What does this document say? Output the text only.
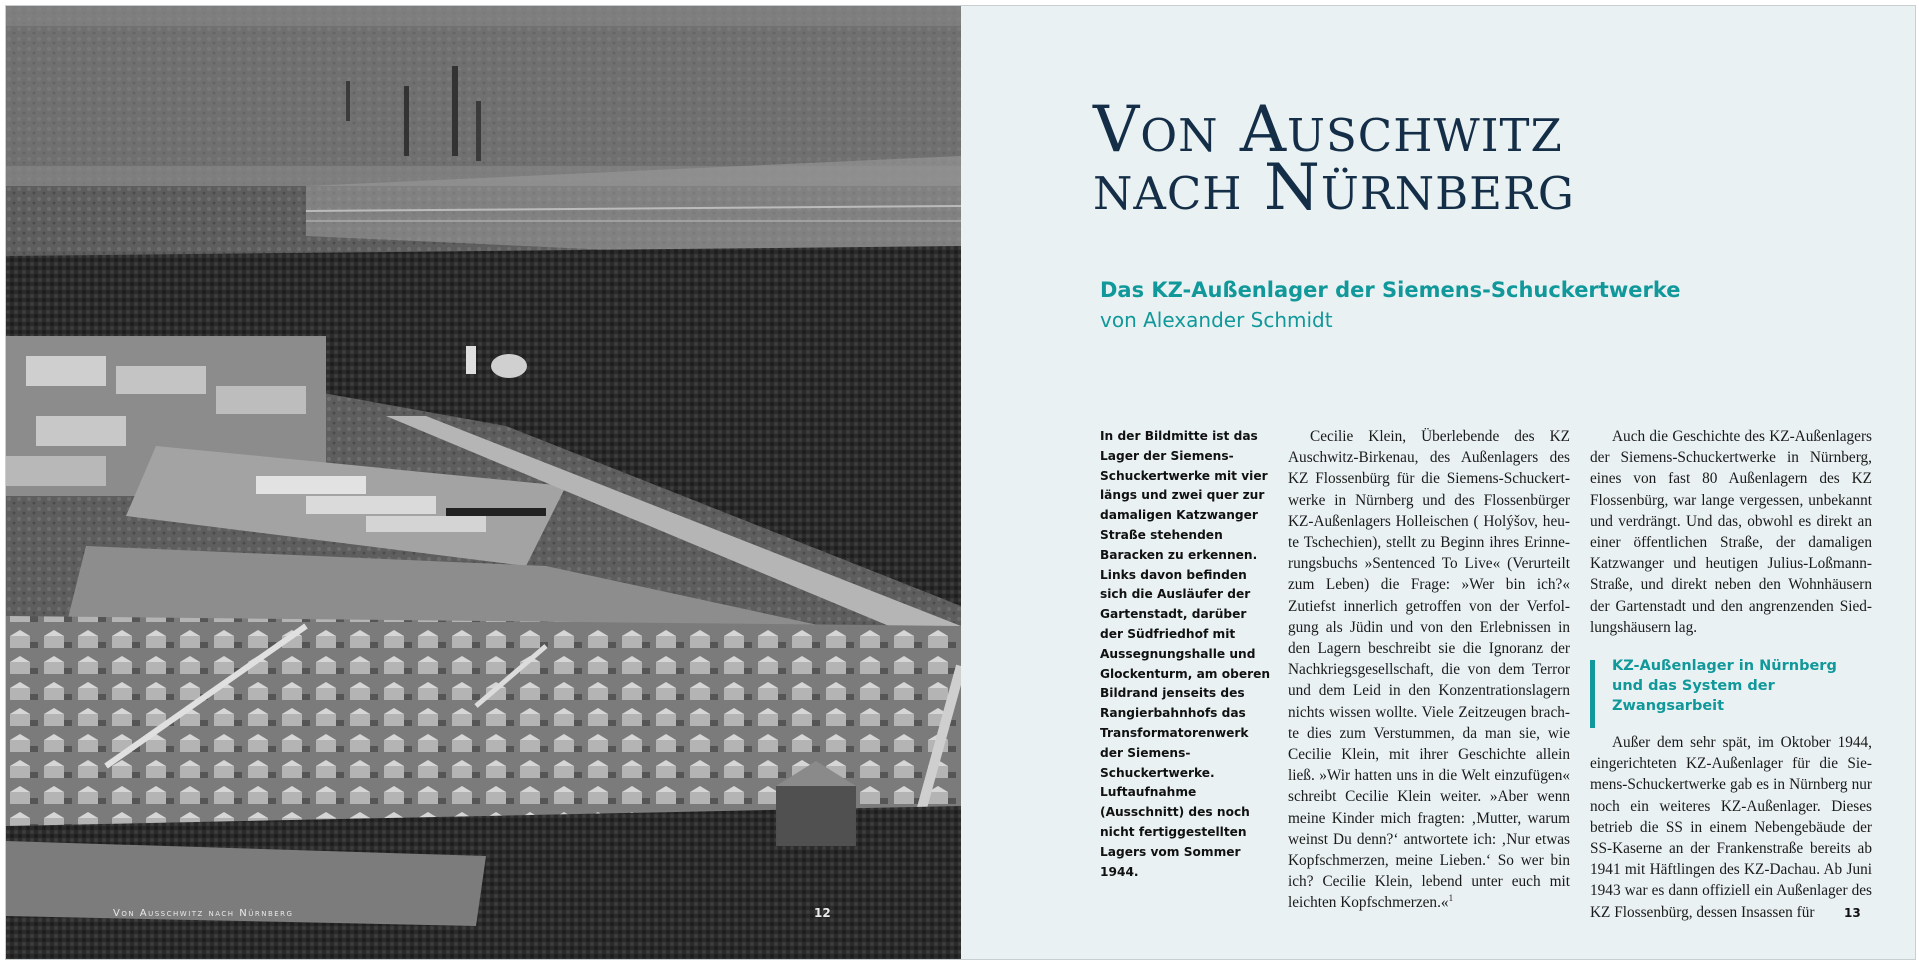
Von Ausschwitz nach Nürnberg	12
Von Auschwitz
nach Nürnberg
Das KZ-Außenlager der Siemens-Schuckertwerke
von Alexander Schmidt
In der Bildmitte ist das Lager der Siemens-Schuckertwerke mit vier längs und zwei quer zur damaligen Katzwanger Straße stehenden Baracken zu erkennen. Links davon befinden sich die Ausläufer der Gartenstadt, darüber der Südfriedhof mit Aussegnungshalle und Glockenturm, am oberen Bildrand jenseits des Rangierbahnhofs das Transformatorenwerk der Siemens-Schuckertwerke. Luftaufnahme (Ausschnitt) des noch nicht fertiggestellten Lagers vom Sommer 1944.

Cecilie Klein, Überlebende des KZ Auschwitz-Birkenau, des Außenlagers des KZ Flossenbürg für die Siemens-Schuckertwerke in Nürnberg und des Flossenbürger KZ-Außenlagers Holleischen ( Holýšov, heute Tschechien), stellt zu Beginn ihres Erinnerungsbuchs »Sentenced To Live« (Verurteilt zum Leben) die Frage: »Wer bin ich?« Zutiefst innerlich getroffen von der Verfolgung als Jüdin und von den Erlebnissen in den Lagern beschreibt sie die Ignoranz der Nachkriegsgesellschaft, die von dem Terror und dem Leid in den Konzentrationslagern nichts wissen wollte. Viele Zeitzeugen brachte dies zum Verstummen, da man sie, wie Cecilie Klein, mit ihrer Geschichte allein ließ. »Wir hatten uns in die Welt einzufügen« schreibt Cecilie Klein weiter. »Aber wenn meine Kinder mich fragten: ‚Mutter, warum weinst Du denn?‘ antwortete ich: ‚Nur etwas Kopfschmerzen, meine Lieben.‘ So wer bin ich? Cecilie Klein, lebend unter euch mit leichten Kopfschmerzen.«$^1$

Auch die Geschichte des KZ-Außenlagers der Siemens-Schuckertwerke in Nürnberg, eines von fast 80 Außenlagern des KZ Flossenbürg, war lange vergessen, unbekannt und verdrängt. Und das, obwohl es direkt an einer öffentlichen Straße, der damaligen Katzwanger und heutigen Julius-Loßmann-Straße, und direkt neben den Wohnhäusern der Gartenstadt und den angrenzenden Siedlungshäusern lag.

KZ-Außenlager in Nürnberg und das System der Zwangsarbeit

Außer dem sehr spät, im Oktober 1944, eingerichteten KZ-Außenlager für die Siemens-Schuckertwerke gab es in Nürnberg nur noch ein weiteres KZ-Außenlager. Dieses betrieb die SS in einem Nebengebäude der SS-Kaserne an der Frankenstraße bereits ab 1941 mit Häftlingen des KZ-Dachau. Ab Juni 1943 war es dann offiziell ein Außenlager des KZ Flossenbürg, dessen Insassen für	13
